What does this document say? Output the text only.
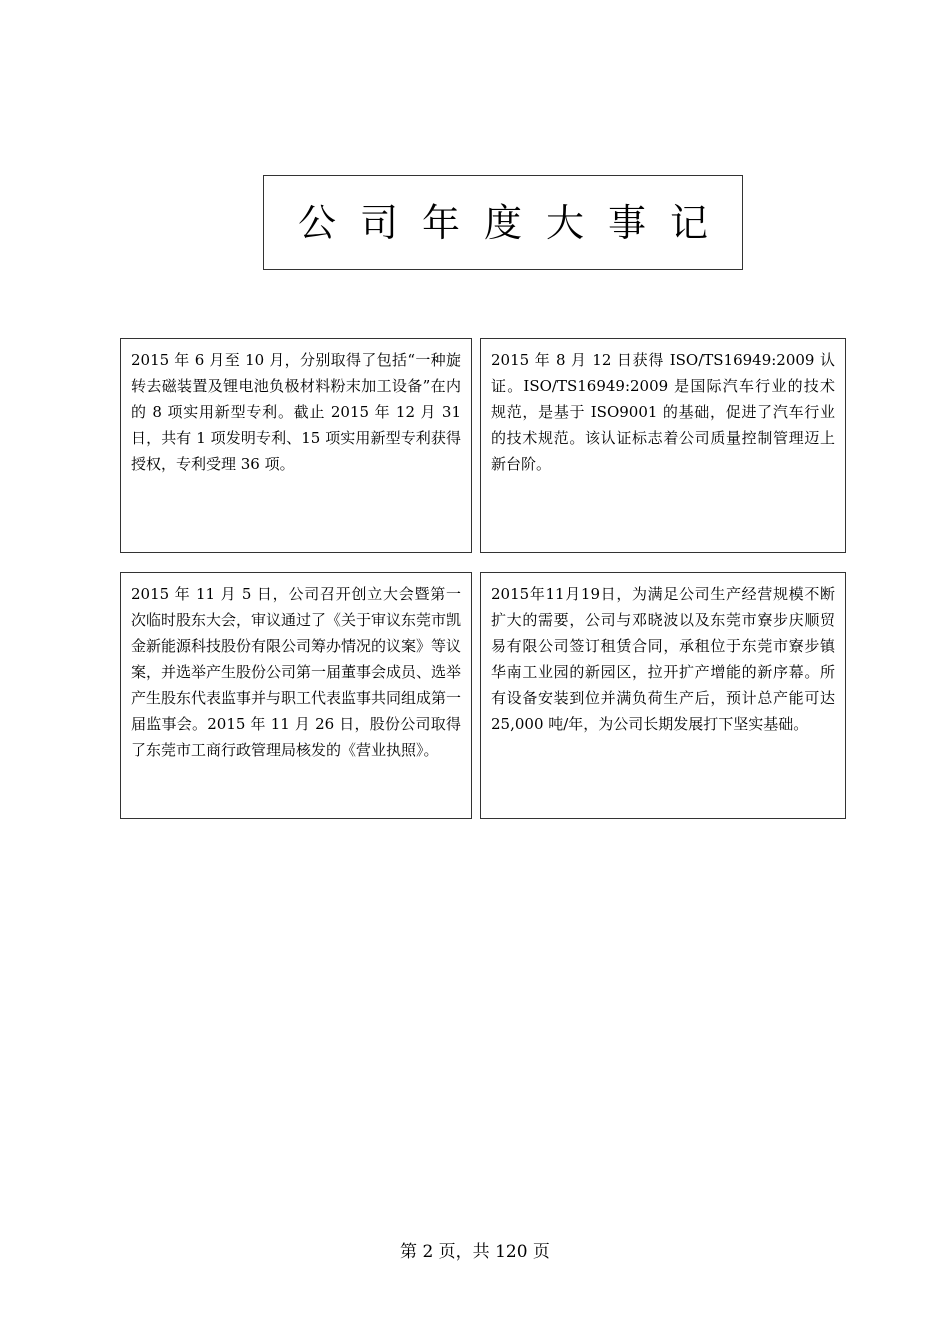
公司年度大事记
2015 年 6 月至 10 月，分别取得了包括“一种旋转去磁装置及锂电池负极材料粉末加工设备”在内的 8 项实用新型专利。截止 2015 年 12 月 31 日，共有 1 项发明专利、15 项实用新型专利获得授权，专利受理 36 项。
2015 年 8 月 12 日获得 ISO/TS16949:2009 认证。ISO/TS16949:2009 是国际汽车行业的技术规范，是基于 ISO9001 的基础，促进了汽车行业的技术规范。该认证标志着公司质量控制管理迈上新台阶。
2015 年 11 月 5 日，公司召开创立大会暨第一次临时股东大会，审议通过了《关于审议东莞市凯金新能源科技股份有限公司筹办情况的议案》等议案，并选举产生股份公司第一届董事会成员、选举产生股东代表监事并与职工代表监事共同组成第一届监事会。2015 年 11 月 26 日，股份公司取得了东莞市工商行政管理局核发的《营业执照》。
2015年11月19日，为满足公司生产经营规模不断扩大的需要，公司与邓晓波以及东莞市寮步庆顺贸易有限公司签订租赁合同，承租位于东莞市寮步镇华南工业园的新园区，拉开扩产增能的新序幕。所有设备安装到位并满负荷生产后，预计总产能可达25,000 吨/年，为公司长期发展打下坚实基础。
第 2 页，共 120 页
